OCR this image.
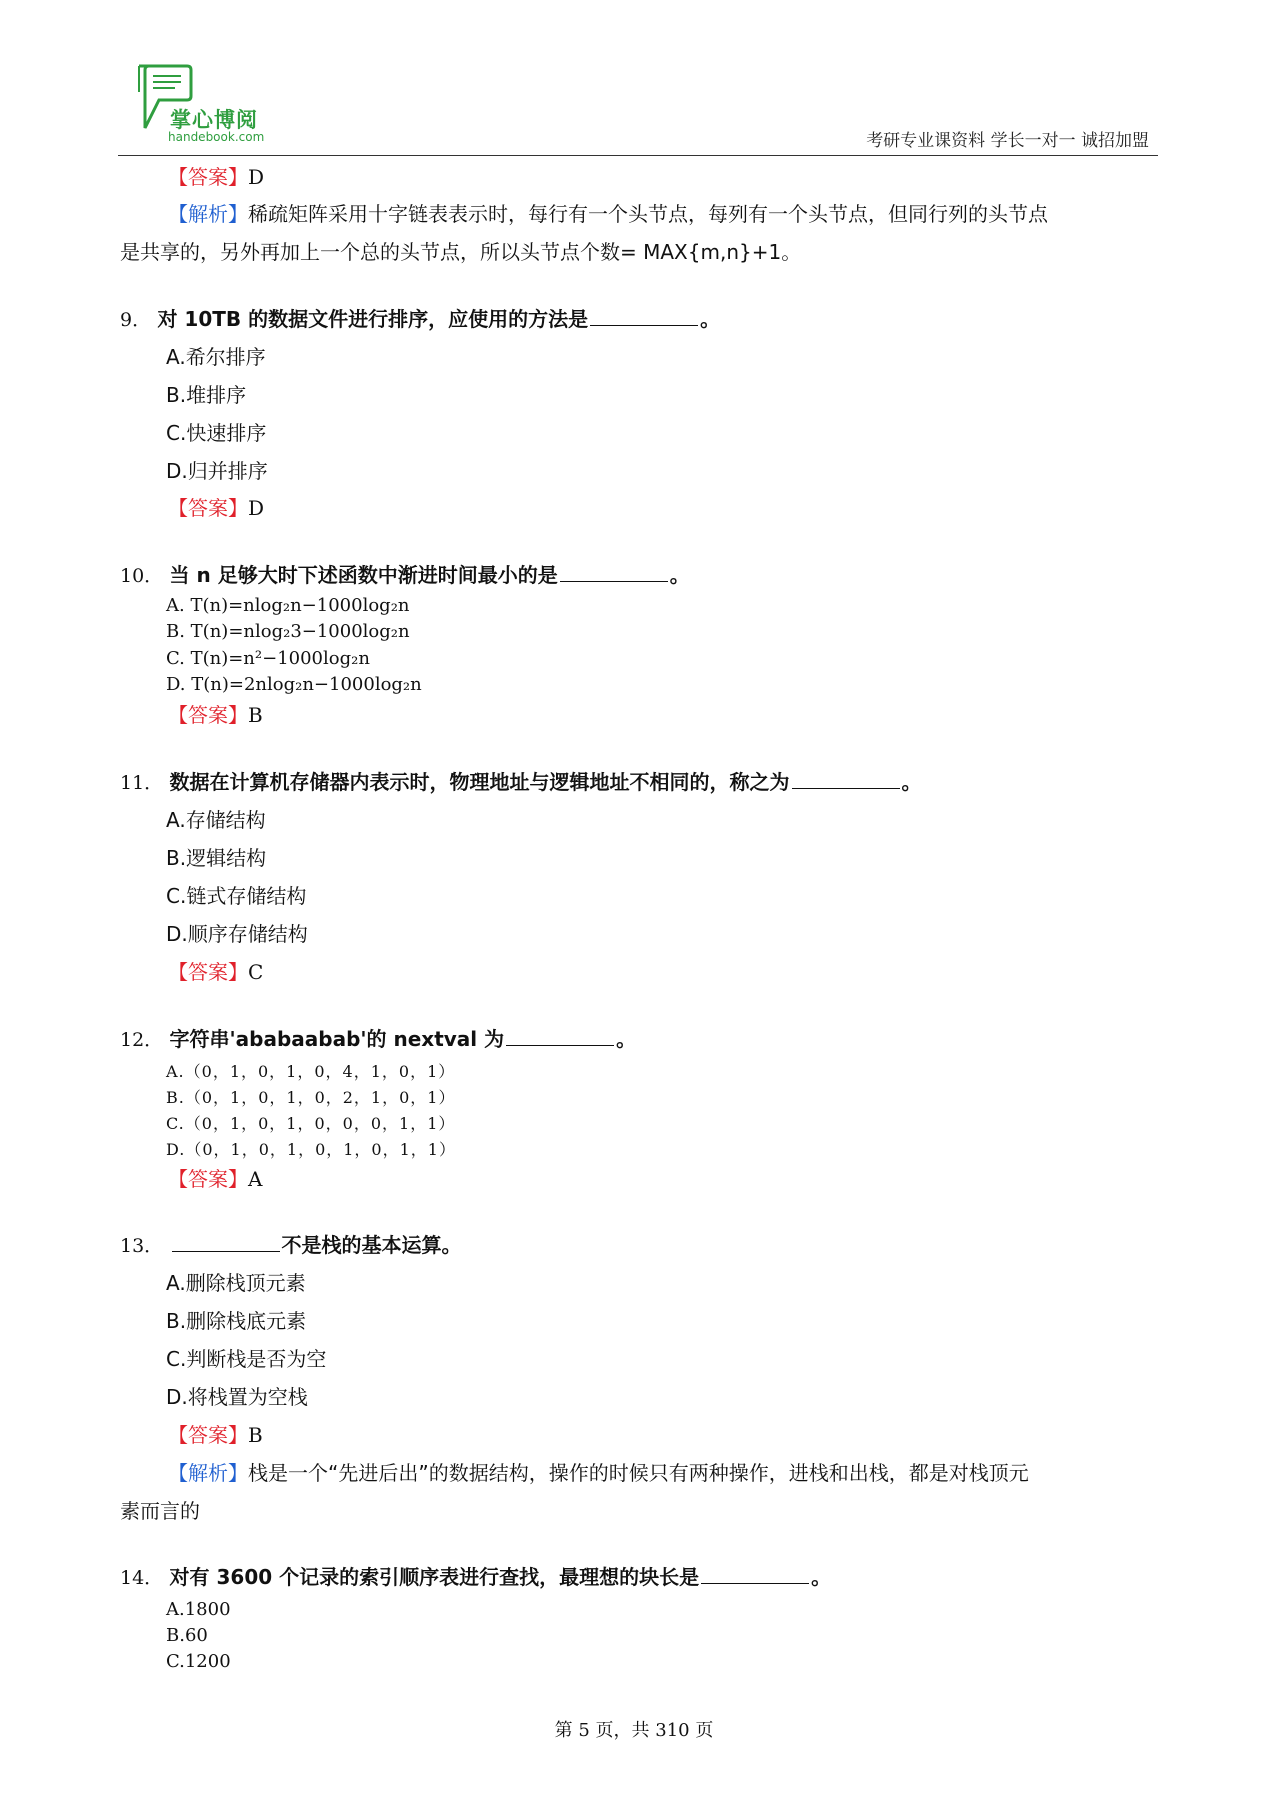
掌心博阅
handebook.com	考研专业课资料 学长一对一 诚招加盟
【答案】D
【解析】稀疏矩阵采用十字链表表示时，每行有一个头节点，每列有一个头节点，但同行列的头节点
是共享的，另外再加上一个总的头节点，所以头节点个数= MAX{m,n}+1。
9． 对 10TB 的数据文件进行排序，应使用的方法是	。
A.希尔排序
B.堆排序
C.快速排序
D.归并排序
【答案】D
10． 当 n 足够大时下述函数中渐进时间最小的是	。
A. T(n)=nlog₂n−1000log₂n
B. T(n)=nlog₂3−1000log₂n
C. T(n)=n²−1000log₂n
D. T(n)=2nlog₂n−1000log₂n
【答案】B
11． 数据在计算机存储器内表示时，物理地址与逻辑地址不相同的，称之为	。
A.存储结构
B.逻辑结构
C.链式存储结构
D.顺序存储结构
【答案】C
12． 字符串'ababaabab'的 nextval 为	。
A.（0，1，0，1，0，4，1，0，1）
B.（0，1，0，1，0，2，1，0，1）
C.（0，1，0，1，0，0，0，1，1）
D.（0，1，0，1，0，1，0，1，1）
【答案】A
13．	不是栈的基本运算。
A.删除栈顶元素
B.删除栈底元素
C.判断栈是否为空
D.将栈置为空栈
【答案】B
【解析】栈是一个“先进后出”的数据结构，操作的时候只有两种操作，进栈和出栈，都是对栈顶元
素而言的
14． 对有 3600 个记录的索引顺序表进行查找，最理想的块长是	。
A.1800
B.60
C.1200
第 5 页，共 310 页
